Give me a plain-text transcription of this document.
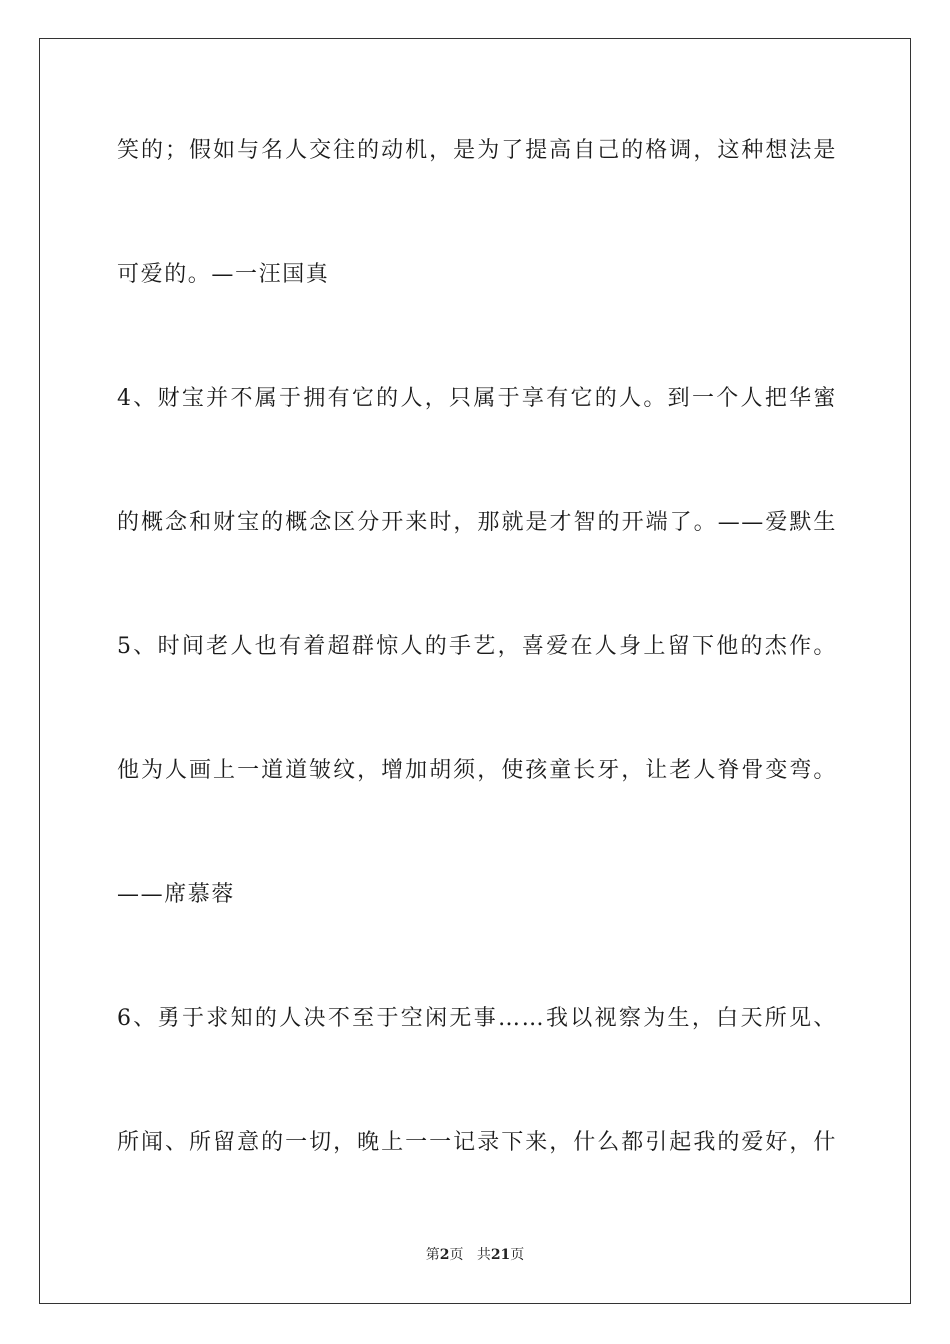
笑的；假如与名人交往的动机，是为了提高自己的格调，这种想法是
可爱的。—一汪国真
4、财宝并不属于拥有它的人，只属于享有它的人。到一个人把华蜜
的概念和财宝的概念区分开来时，那就是才智的开端了。——爱默生
5、时间老人也有着超群惊人的手艺，喜爱在人身上留下他的杰作。
他为人画上一道道皱纹，增加胡须，使孩童长牙，让老人脊骨变弯。
——席慕蓉
6、勇于求知的人决不至于空闲无事……我以视察为生，白天所见、
所闻、所留意的一切，晚上一一记录下来，什么都引起我的爱好，什
第2页 共21页
